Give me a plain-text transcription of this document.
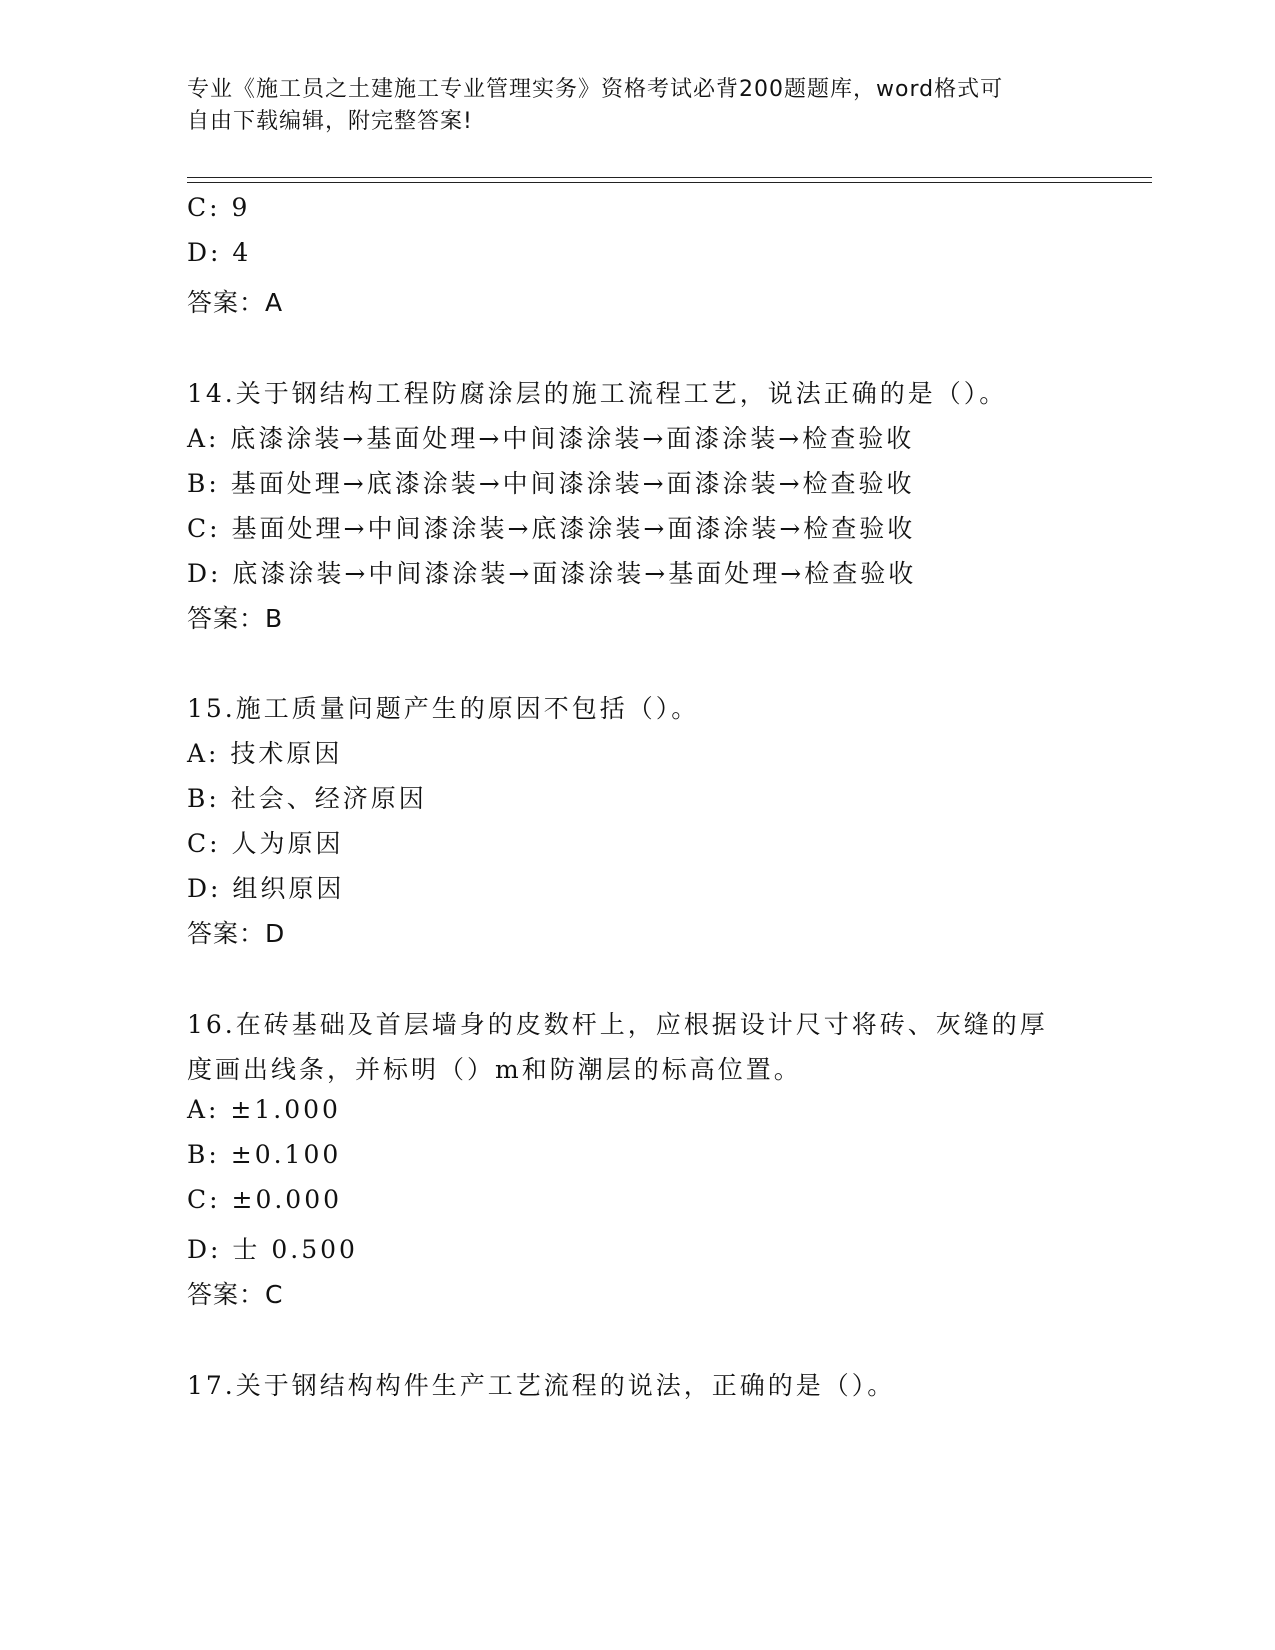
专业《施工员之土建施工专业管理实务》资格考试必背200题题库，word格式可
自由下载编辑，附完整答案!
C: 9
D: 4
答案：A
14.关于钢结构工程防腐涂层的施工流程工艺，说法正确的是（）。
A: 底漆涂装→基面处理→中间漆涂装→面漆涂装→检查验收
B: 基面处理→底漆涂装→中间漆涂装→面漆涂装→检查验收
C: 基面处理→中间漆涂装→底漆涂装→面漆涂装→检查验收
D: 底漆涂装→中间漆涂装→面漆涂装→基面处理→检查验收
答案：B
15.施工质量问题产生的原因不包括（）。
A: 技术原因
B: 社会、经济原因
C: 人为原因
D: 组织原因
答案：D
16.在砖基础及首层墙身的皮数杆上，应根据设计尺寸将砖、灰缝的厚
度画出线条，并标明（）m和防潮层的标高位置。
A: ±1.000
B: ±0.100
C: ±0.000
D: 士 0.500
答案：C
17.关于钢结构构件生产工艺流程的说法，正确的是（）。
